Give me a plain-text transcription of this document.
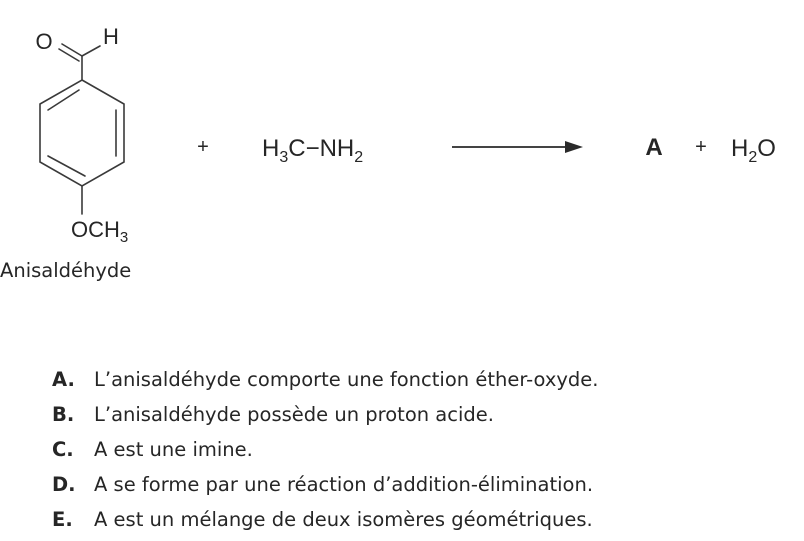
O H
$OCH_3$
Anisaldéhyde
+ $H_3C-NH_2$	$A + H_2O$
A. L’anisaldéhyde comporte une fonction éther-oxyde.
B. L’anisaldéhyde possède un proton acide.
C. A est une imine.
D. A se forme par une réaction d’addition-élimination.
E. A est un mélange de deux isomères géométriques.
